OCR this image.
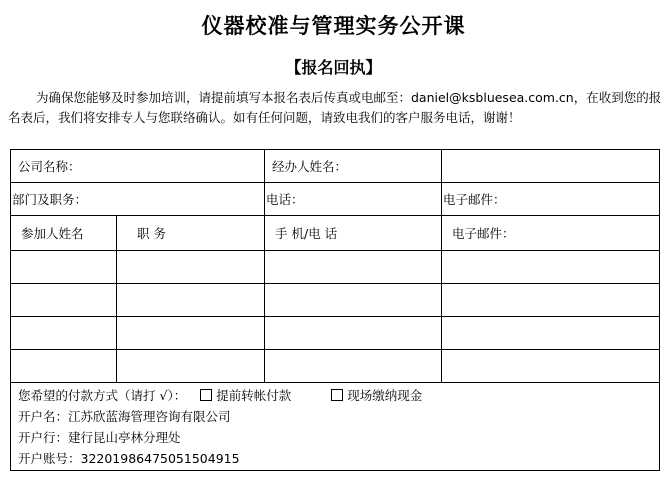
仪器校准与管理实务公开课
【报名回执】
为确保您能够及时参加培训，请提前填写本报名表后传真或电邮至：daniel@ksbluesea.com.cn，在收到您的报名表后，我们将安排专人与您联络确认。如有任何问题，请致电我们的客户服务电话，谢谢！
公司名称：		经办人姓名：	
部门及职务：		电话：	电子邮件：
参加人姓名	职 务	手 机/电 话	电子邮件：

您希望的付款方式（请打 √）： 提前转帐付款 现场缴纳现金
开户名：江苏欣蓝海管理咨询有限公司
开户行：建行昆山亭林分理处
开户账号：32201986475051504915			
